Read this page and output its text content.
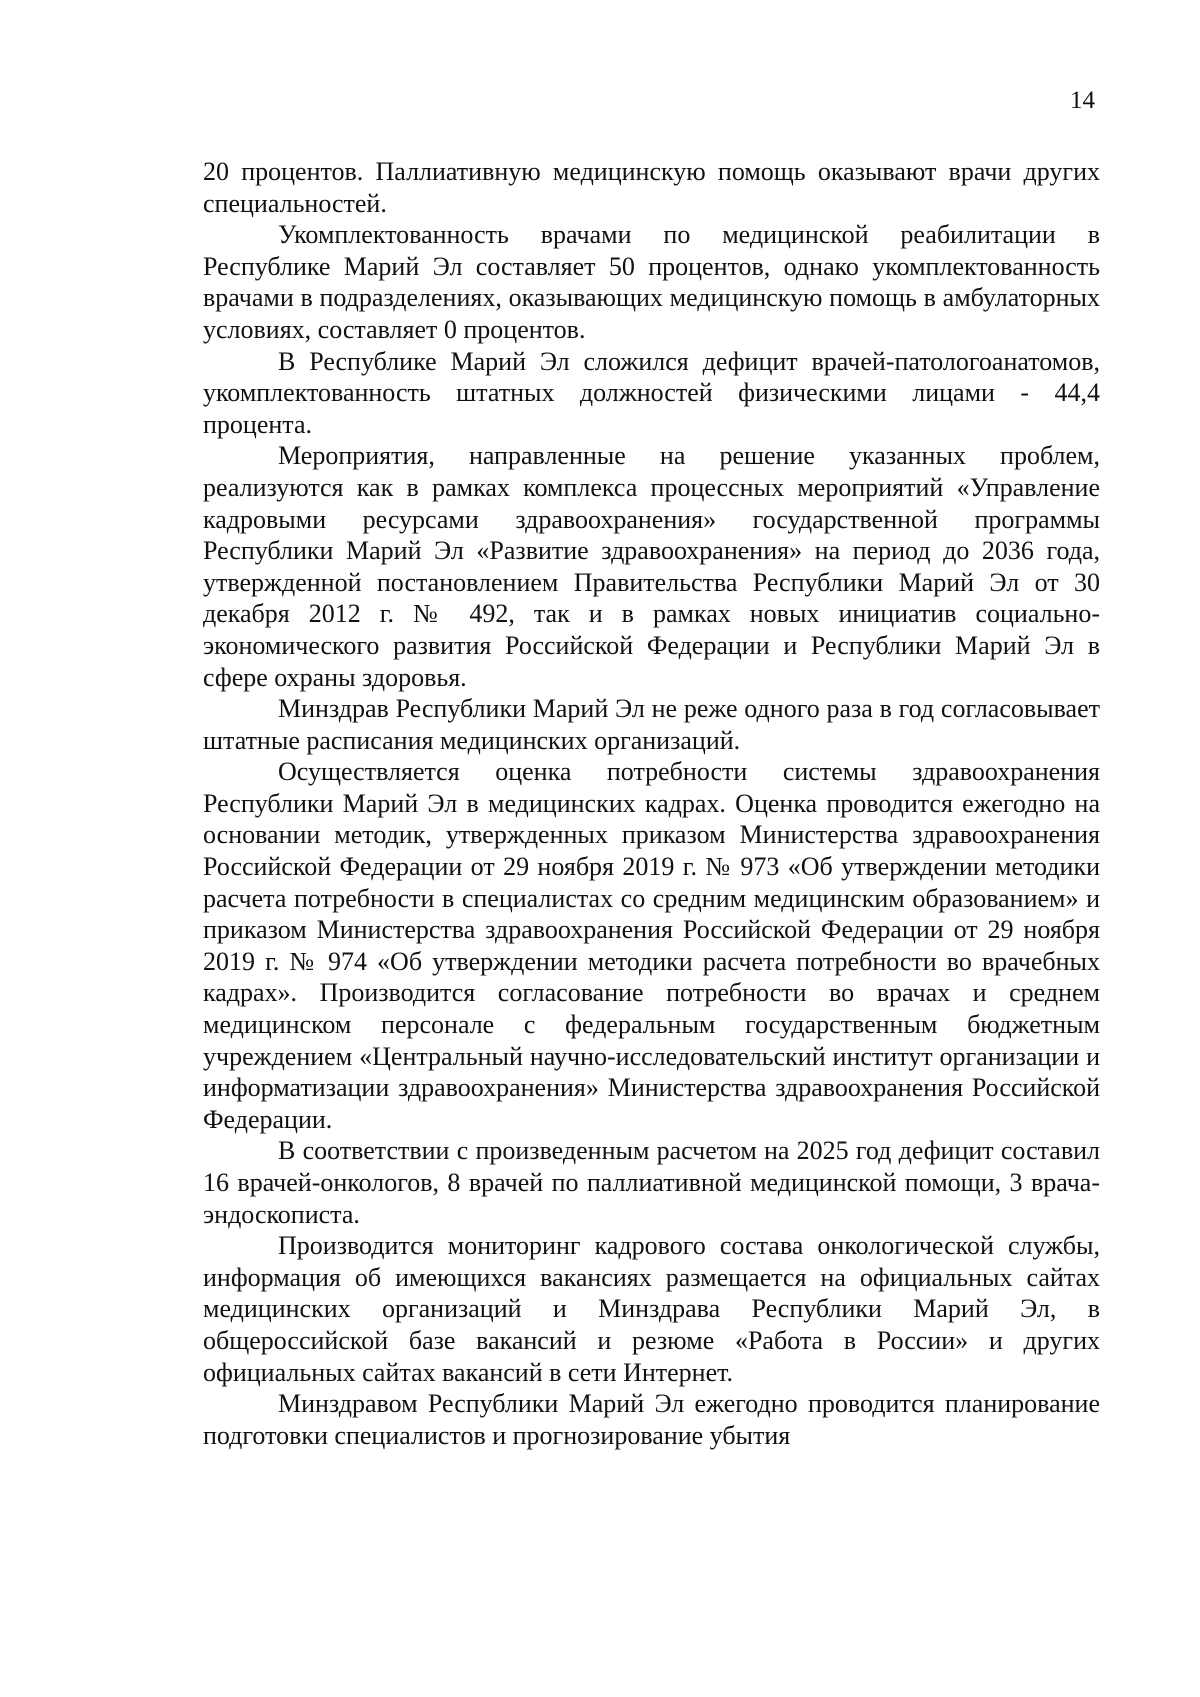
14

20 процентов. Паллиативную медицинскую помощь оказывают врачи других специальностей.

Укомплектованность врачами по медицинской реабилитации в Республике Марий Эл составляет 50 процентов, однако укомплектованность врачами в подразделениях, оказывающих медицинскую помощь в амбулаторных условиях, составляет 0 процентов.

В Республике Марий Эл сложился дефицит врачей-патологоанатомов, укомплектованность штатных должностей физическими лицами - 44,4 процента.

Мероприятия, направленные на решение указанных проблем, реализуются как в рамках комплекса процессных мероприятий «Управление кадровыми ресурсами здравоохранения» государственной программы Республики Марий Эл «Развитие здравоохранения» на период до 2036 года, утвержденной постановлением Правительства Республики Марий Эл от 30 декабря 2012 г. № 492, так и в рамках новых инициатив социально-экономического развития Российской Федерации и Республики Марий Эл в сфере охраны здоровья.

Минздрав Республики Марий Эл не реже одного раза в год согласовывает штатные расписания медицинских организаций.

Осуществляется оценка потребности системы здравоохранения Республики Марий Эл в медицинских кадрах. Оценка проводится ежегодно на основании методик, утвержденных приказом Министерства здравоохранения Российской Федерации от 29 ноября 2019 г. № 973 «Об утверждении методики расчета потребности в специалистах со средним медицинским образованием» и приказом Министерства здравоохранения Российской Федерации от 29 ноября 2019 г. № 974 «Об утверждении методики расчета потребности во врачебных кадрах». Производится согласование потребности во врачах и среднем медицинском персонале с федеральным государственным бюджетным учреждением «Центральный научно-исследовательский институт организации и информатизации здравоохранения» Министерства здравоохранения Российской Федерации.

В соответствии с произведенным расчетом на 2025 год дефицит составил 16 врачей-онкологов, 8 врачей по паллиативной медицинской помощи, 3 врача-эндоскописта.

Производится мониторинг кадрового состава онкологической службы, информация об имеющихся вакансиях размещается на официальных сайтах медицинских организаций и Минздрава Республики Марий Эл, в общероссийской базе вакансий и резюме «Работа в России» и других официальных сайтах вакансий в сети Интернет.

Минздравом Республики Марий Эл ежегодно проводится планирование подготовки специалистов и прогнозирование убытия
